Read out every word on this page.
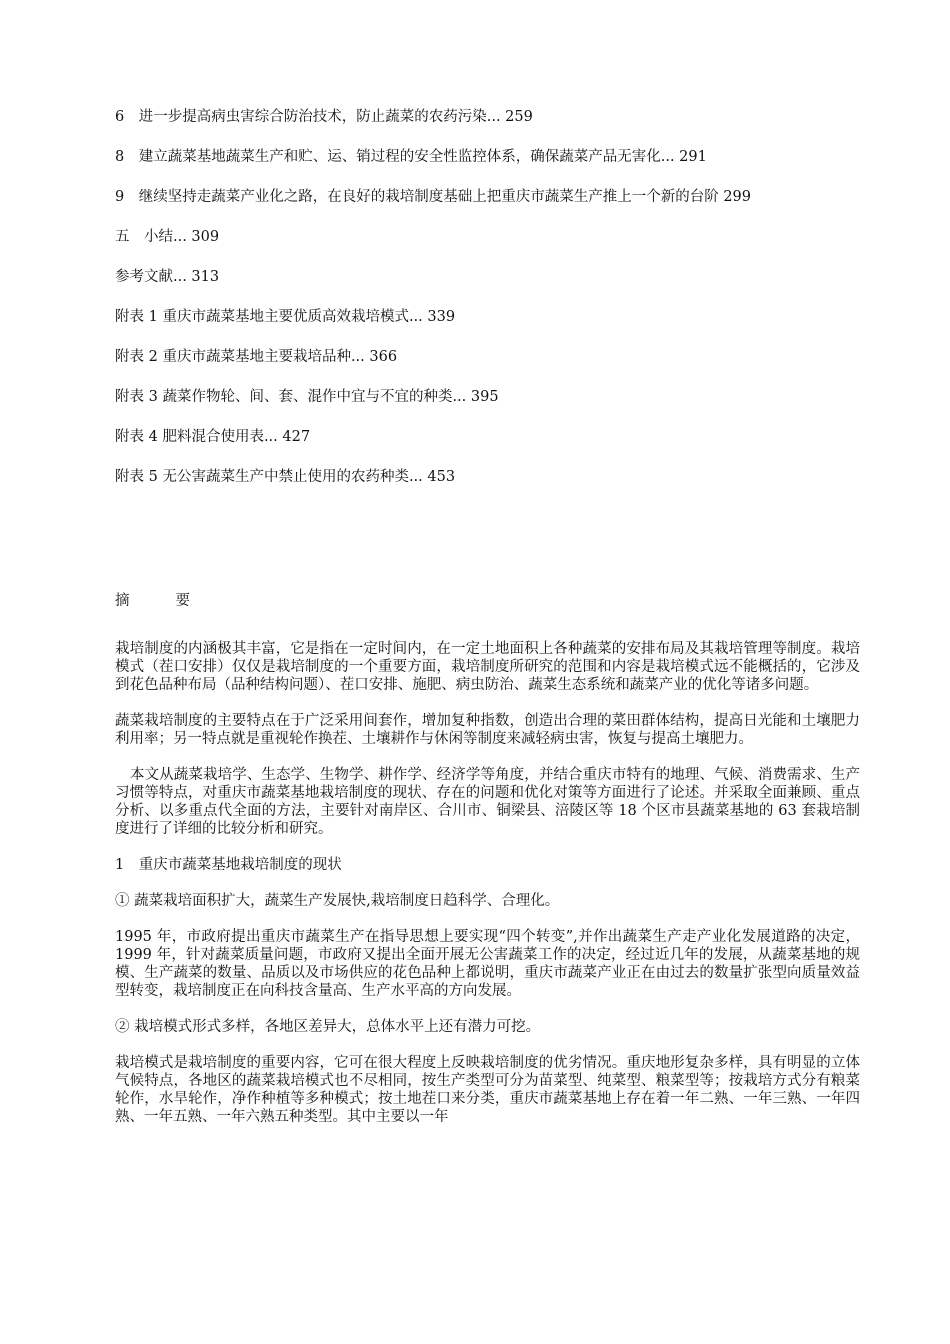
6　进一步提高病虫害综合防治技术，防止蔬菜的农药污染... 259
8　建立蔬菜基地蔬菜生产和贮、运、销过程的安全性监控体系，确保蔬菜产品无害化... 291
9　继续坚持走蔬菜产业化之路，在良好的栽培制度基础上把重庆市蔬菜生产推上一个新的台阶 299
五　小结... 309
参考文献... 313
附表 1 重庆市蔬菜基地主要优质高效栽培模式... 339
附表 2 重庆市蔬菜基地主要栽培品种... 366
附表 3 蔬菜作物轮、间、套、混作中宜与不宜的种类... 395
附表 4 肥料混合使用表... 427
附表 5 无公害蔬菜生产中禁止使用的农药种类... 453
摘	要
栽培制度的内涵极其丰富，它是指在一定时间内，在一定土地面积上各种蔬菜的安排布局及其栽培管理等制度。栽培模式（茬口安排）仅仅是栽培制度的一个重要方面，栽培制度所研究的范围和内容是栽培模式远不能概括的，它涉及到花色品种布局（品种结构问题）、茬口安排、施肥、病虫防治、蔬菜生态系统和蔬菜产业的优化等诸多问题。
蔬菜栽培制度的主要特点在于广泛采用间套作，增加复种指数，创造出合理的菜田群体结构，提高日光能和土壤肥力利用率；另一特点就是重视轮作换茬、土壤耕作与休闲等制度来减轻病虫害，恢复与提高土壤肥力。
本文从蔬菜栽培学、生态学、生物学、耕作学、经济学等角度，并结合重庆市特有的地理、气候、消费需求、生产习惯等特点，对重庆市蔬菜基地栽培制度的现状、存在的问题和优化对策等方面进行了论述。并采取全面兼顾、重点分析、以多重点代全面的方法，主要针对南岸区、合川市、铜梁县、涪陵区等 18 个区市县蔬菜基地的 63 套栽培制度进行了详细的比较分析和研究。
1　重庆市蔬菜基地栽培制度的现状
① 蔬菜栽培面积扩大，蔬菜生产发展快,栽培制度日趋科学、合理化。
1995 年，市政府提出重庆市蔬菜生产在指导思想上要实现“四个转变”,并作出蔬菜生产走产业化发展道路的决定，1999 年，针对蔬菜质量问题，市政府又提出全面开展无公害蔬菜工作的决定，经过近几年的发展，从蔬菜基地的规模、生产蔬菜的数量、品质以及市场供应的花色品种上都说明，重庆市蔬菜产业正在由过去的数量扩张型向质量效益型转变，栽培制度正在向科技含量高、生产水平高的方向发展。
② 栽培模式形式多样，各地区差异大，总体水平上还有潜力可挖。
栽培模式是栽培制度的重要内容，它可在很大程度上反映栽培制度的优劣情况。重庆地形复杂多样，具有明显的立体气候特点，各地区的蔬菜栽培模式也不尽相同，按生产类型可分为苗菜型、纯菜型、粮菜型等；按栽培方式分有粮菜轮作，水旱轮作，净作种植等多种模式；按土地茬口来分类，重庆市蔬菜基地上存在着一年二熟、一年三熟、一年四熟、一年五熟、一年六熟五种类型。其中主要以一年
